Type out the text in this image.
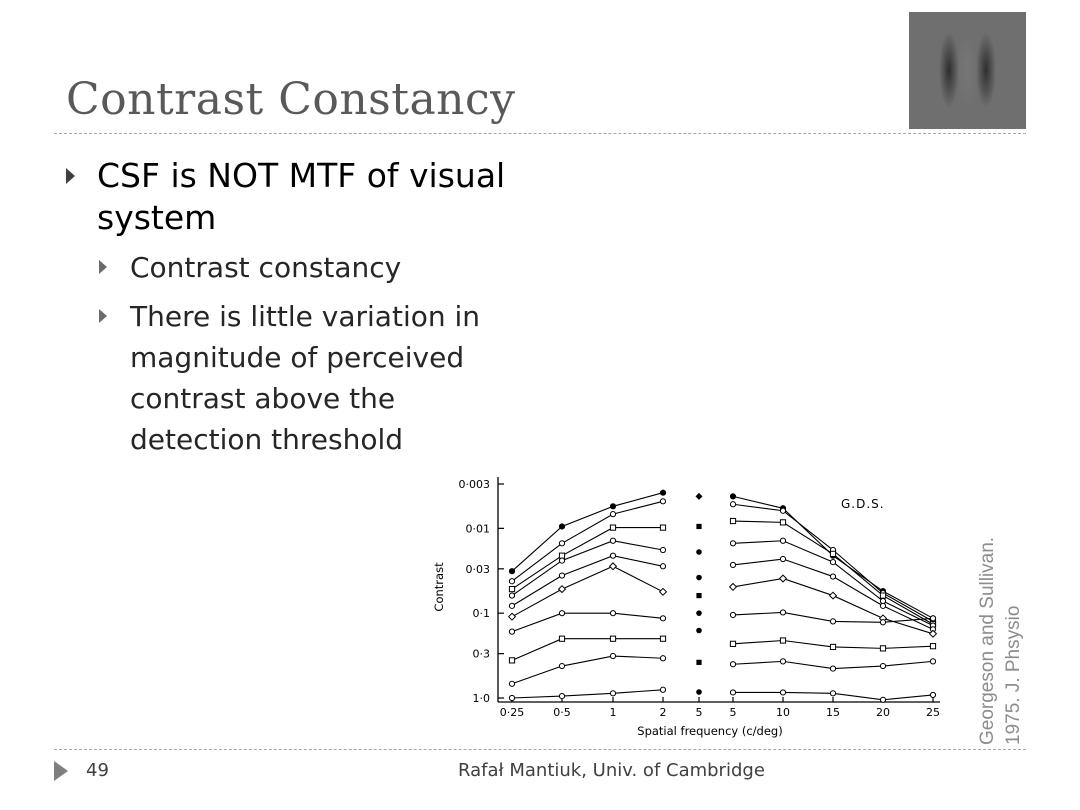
Contrast Constancy
CSF is NOT MTF of visual system
Contrast constancy
There is little variation in magnitude of perceived contrast above the detection threshold
0·003
0·01
0·03
0·1
0·3
1·0
0·25	0·5	1	2	5 5	10	15	20	25
G.D.S.
Spatial frequency (c/deg)
Contrast	Georgeson and Sullivan. 1975. J. Phsysio
49	Rafał Mantiuk, Univ. of Cambridge
